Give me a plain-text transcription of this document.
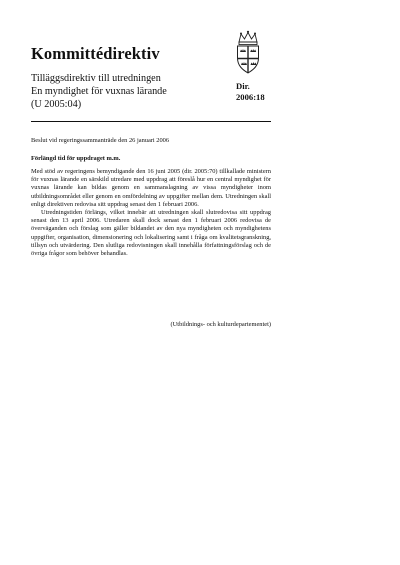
Kommittédirektiv
Tilläggsdirektiv till utredningen
En myndighet för vuxnas lärande
(U 2005:04)
Dir.
2006:18
Beslut vid regeringssammanträde den 26 januari 2006
Förlängd tid för uppdraget m.m.

Med stöd av regeringens bemyndigande den 16 juni 2005 (dir. 2005:70) tillkallade ministern för vuxnas lärande en särskild utredare med uppdrag att föreslå hur en central myndighet för vuxnas lärande kan bildas genom en sammanslagning av vissa myndigheter inom utbildningsområdet eller genom en omfördelning av uppgifter mellan dem. Utredningen skall enligt direktiven redovisa sitt uppdrag senast den 1 februari 2006.

Utredningstiden förlängs, vilket innebär att utredningen skall slutredovisa sitt uppdrag senast den 13 april 2006. Utredaren skall dock senast den 1 februari 2006 redovisa de överväganden och förslag som gäller bildandet av den nya myndigheten och myndighetens uppgifter, organisation, dimensionering och lokalisering samt i fråga om kvalitetsgranskning, tillsyn och utvärdering. Den slutliga redovisningen skall innehålla författningsförslag och de övriga frågor som behöver behandlas.

(Utbildnings- och kulturdepartementet)
